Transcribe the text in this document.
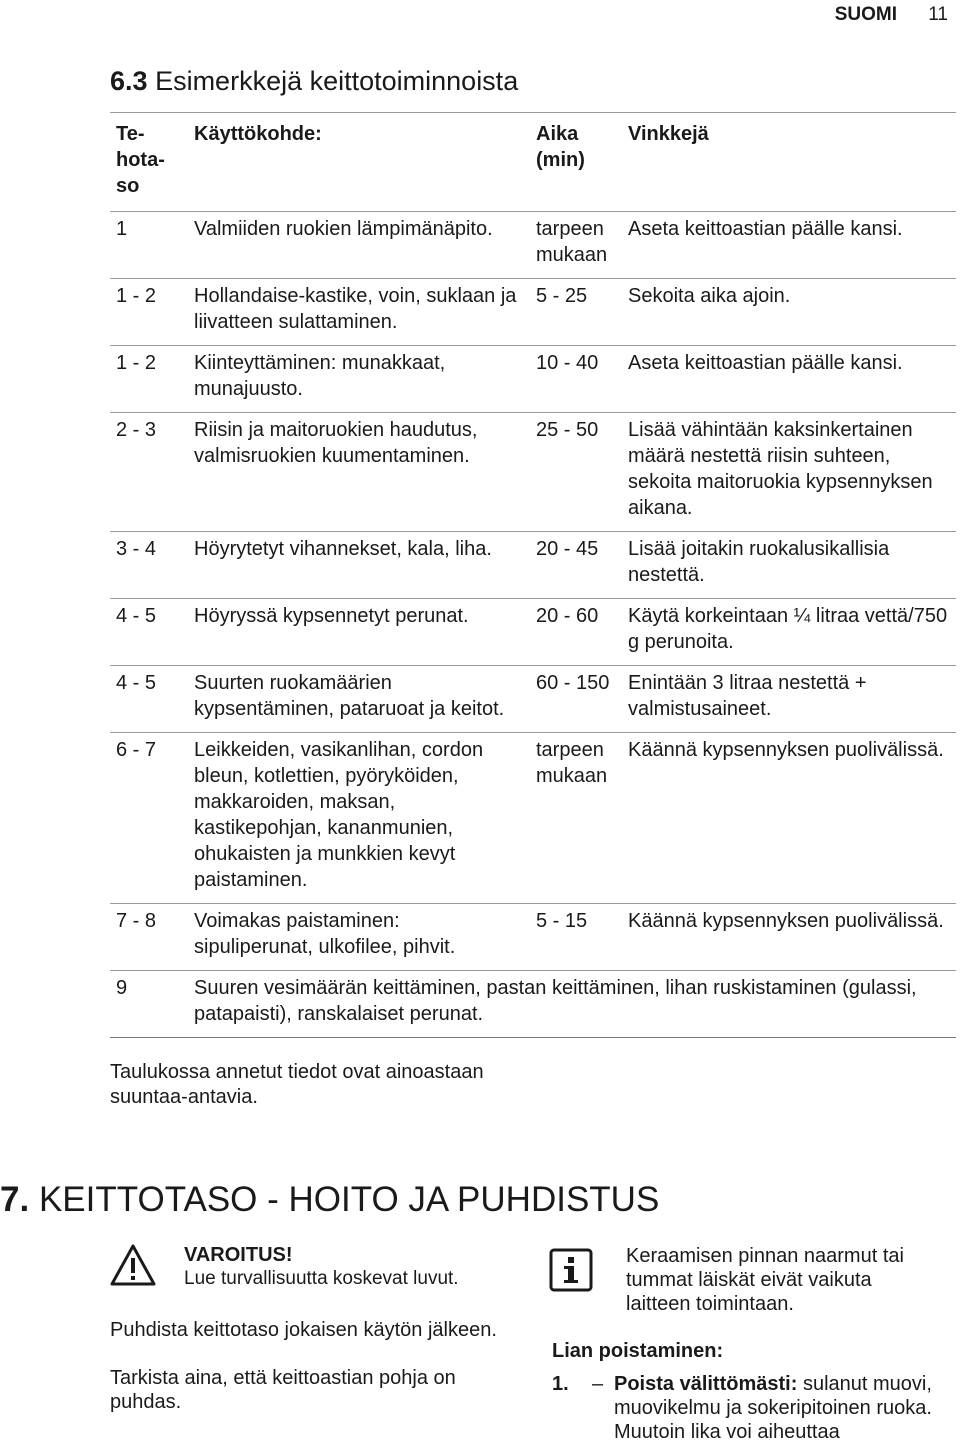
SUOMI 11
6.3 Esimerkkejä keittotoiminnoista
Te-hota-so	Käyttökohde:	Aika (min)	Vinkkejä
1	Valmiiden ruokien lämpimänäpito.	tarpeen mukaan	Aseta keittoastian päälle kansi.
1 - 2	Hollandaise-kastike, voin, suklaan ja liivatteen sulattaminen.	5 - 25	Sekoita aika ajoin.
1 - 2	Kiinteyttäminen: munakkaat, munajuusto.	10 - 40	Aseta keittoastian päälle kansi.
2 - 3	Riisin ja maitoruokien haudutus, valmisruokien kuumentaminen.	25 - 50	Lisää vähintään kaksinkertainen määrä nestettä riisin suhteen, sekoita maitoruokia kypsennyksen aikana.
3 - 4	Höyrytetyt vihannekset, kala, liha.	20 - 45	Lisää joitakin ruokalusikallisia nestettä.
4 - 5	Höyryssä kypsennetyt perunat.	20 - 60	Käytä korkeintaan ¼ litraa vettä/750 g perunoita.
4 - 5	Suurten ruokamäärien kypsentäminen, pataruoat ja keitot.	60 - 150	Enintään 3 litraa nestettä + valmistusaineet.
6 - 7	Leikkeiden, vasikanlihan, cordon bleun, kotlettien, pyöryköiden, makkaroiden, maksan, kastikepohjan, kananmunien, ohukaisten ja munkkien kevyt paistaminen.	tarpeen mukaan	Käännä kypsennyksen puolivälissä.
7 - 8	Voimakas paistaminen: sipuliperunat, ulkofilee, pihvit.	5 - 15	Käännä kypsennyksen puolivälissä.
9	Suuren vesimäärän keittäminen, pastan keittäminen, lihan ruskistaminen (gulassi, patapaisti), ranskalaiset perunat.		
Taulukossa annetut tiedot ovat ainoastaan suuntaa-antavia.
7. KEITTOTASO - HOITO JA PUHDISTUS
VAROITUS!
Lue turvallisuutta koskevat luvut.
Puhdista keittotaso jokaisen käytön jälkeen.
Tarkista aina, että keittoastian pohja on puhdas.
Keraamisen pinnan naarmut tai tummat läiskät eivät vaikuta laitteen toimintaan.
Lian poistaminen:
1. – Poista välittömästi: sulanut muovi, muovikelmu ja sokeripitoinen ruoka. Muutoin lika voi aiheuttaa
